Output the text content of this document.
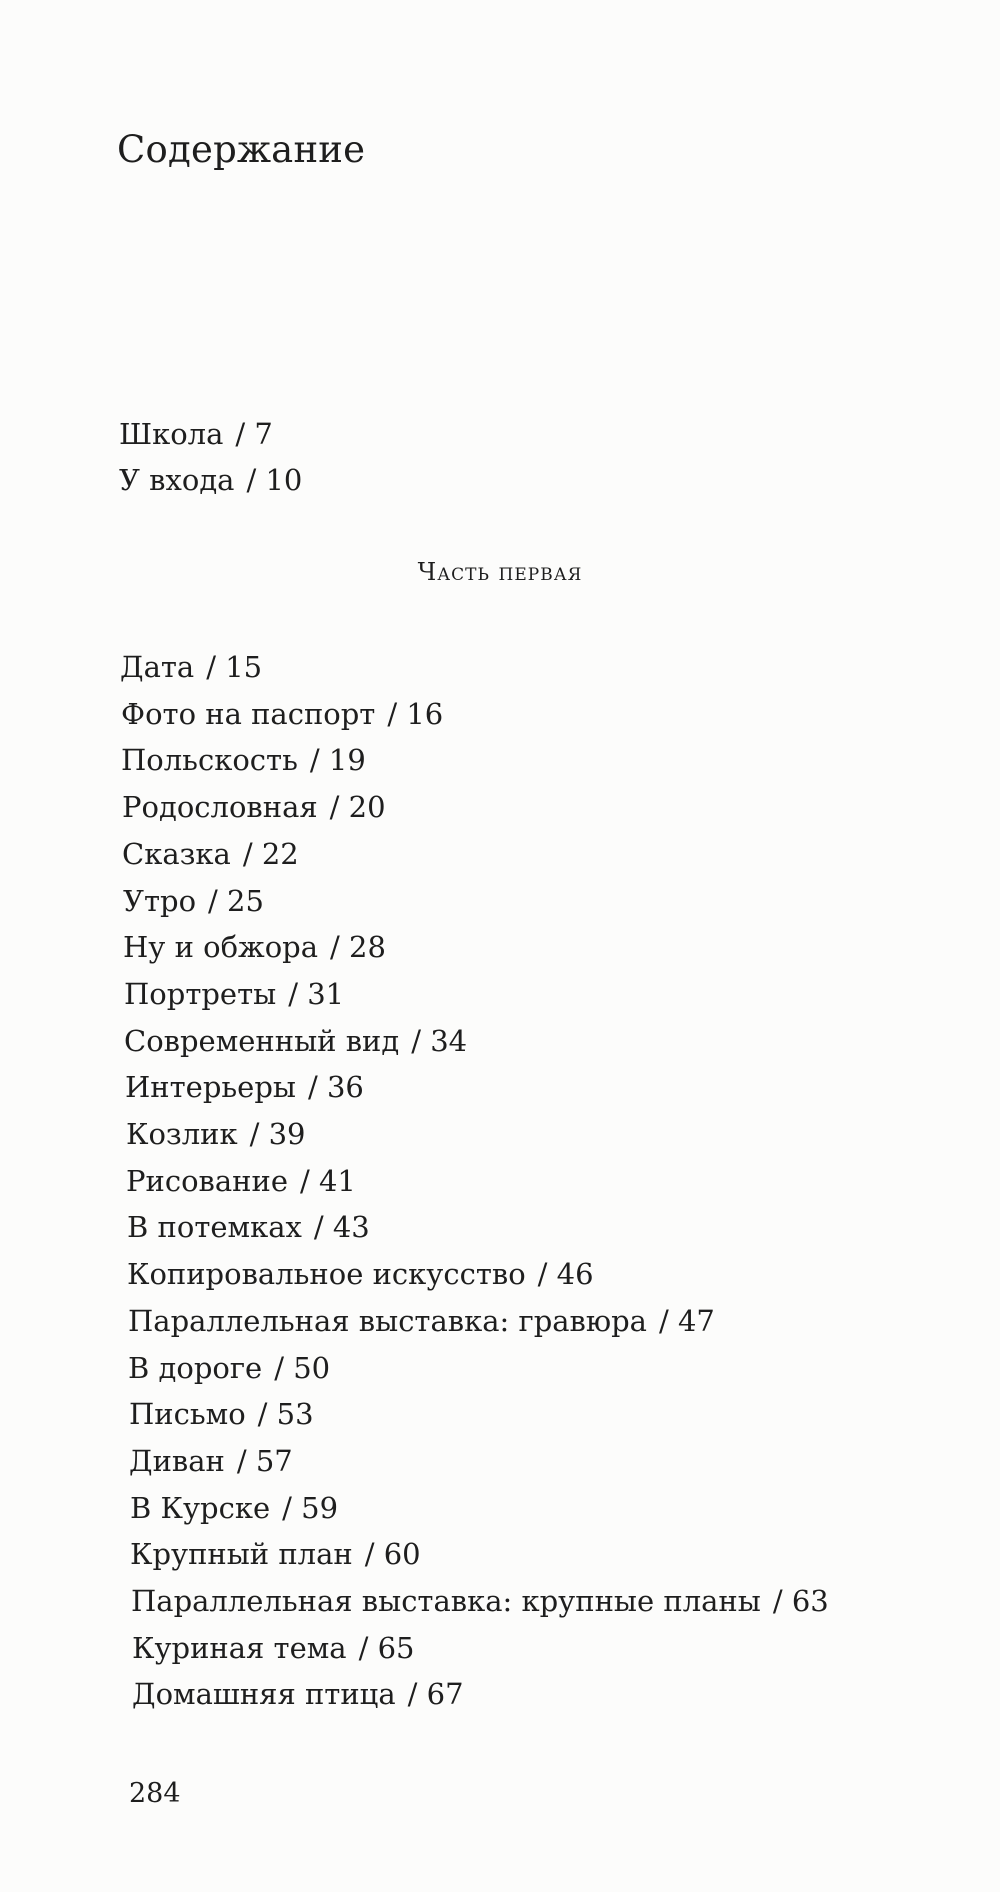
Содержание
Школа / 7
У входа / 10
Часть первая
Дата / 15
Фото на паспорт / 16
Польскость / 19
Родословная / 20
Сказка / 22
Утро / 25
Ну и обжора / 28
Портреты / 31
Современный вид / 34
Интерьеры / 36
Козлик / 39
Рисование / 41
В потемках / 43
Копировальное искусство / 46
Параллельная выставка: гравюра / 47
В дороге / 50
Письмо / 53
Диван / 57
В Курске / 59
Крупный план / 60
Параллельная выставка: крупные планы / 63
Куриная тема / 65
Домашняя птица / 67
284
